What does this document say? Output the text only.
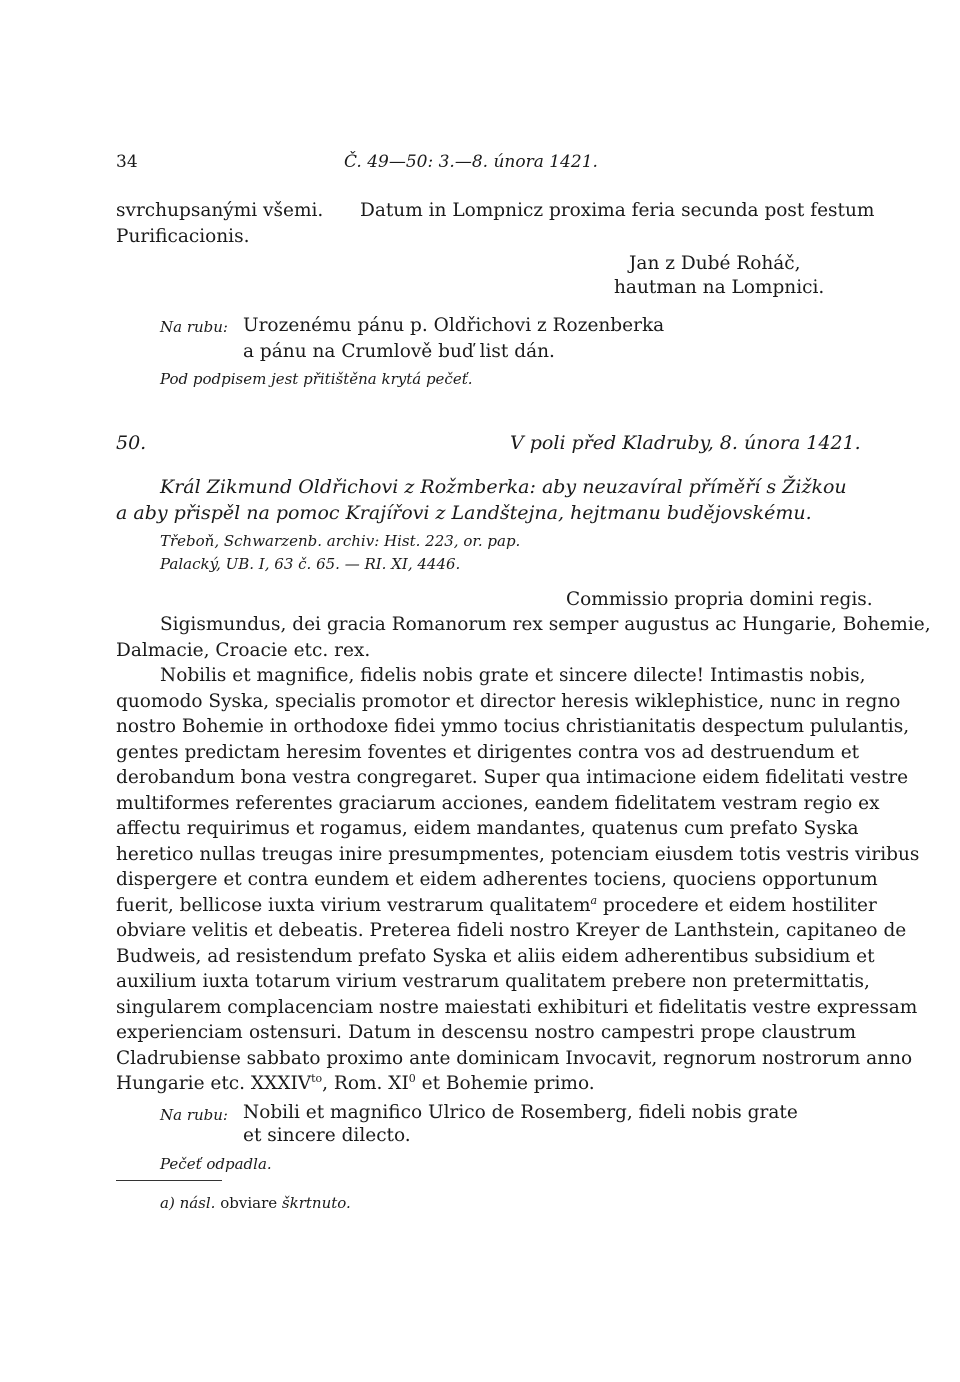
34	Č. 49—50: 3.—8. února 1421.
svrchupsanými všemi. Datum in Lompnicz proxima feria secunda post festum
Purificacionis.
Jan z Dubé Roháč,
hautman na Lompnici.
Na rubu: Urozenému pánu p. Oldřichovi z Rozenberka
a pánu na Crumlově buď list dán.
Pod podpisem jest přitištěna krytá pečeť.
50.	V poli před Kladruby, 8. února 1421.
Král Zikmund Oldřichovi z Rožmberka: aby neuzavíral příměří s Žižkou
a aby přispěl na pomoc Krajířovi z Landštejna, hejtmanu budějovskému.
Třeboň, Schwarzenb. archiv: Hist. 223, or. pap.
Palacký, UB. I, 63 č. 65. — RI. XI, 4446.
Commissio propria domini regis.
Sigismundus, dei gracia Romanorum rex semper augustus ac Hungarie, Bohemie,
Dalmacie, Croacie etc. rex.
Nobilis et magnifice, fidelis nobis grate et sincere dilecte! Intimastis nobis,
quomodo Syska, specialis promotor et director heresis wiklephistice, nunc in regno
nostro Bohemie in orthodoxe fidei ymmo tocius christianitatis despectum pululantis,
gentes predictam heresim foventes et dirigentes contra vos ad destruendum et
derobandum bona vestra congregaret. Super qua intimacione eidem fidelitati vestre
multiformes referentes graciarum acciones, eandem fidelitatem vestram regio ex
affectu requirimus et rogamus, eidem mandantes, quatenus cum prefato Syska
heretico nullas treugas inire presumpmentes, potenciam eiusdem totis vestris viribus
dispergere et contra eundem et eidem adherentes tociens, quociens opportunum
fuerit, bellicose iuxta virium vestrarum qualitatem$^a$ procedere et eidem hostiliter
obviare velitis et debeatis. Preterea fideli nostro Kreyer de Lanthstein, capitaneo de
Budweis, ad resistendum prefato Syska et aliis eidem adherentibus subsidium et
auxilium iuxta totarum virium vestrarum qualitatem prebere non pretermittatis,
singularem complacenciam nostre maiestati exhibituri et fidelitatis vestre expressam
experienciam ostensuri. Datum in descensu nostro campestri prope claustrum
Cladrubiense sabbato proximo ante dominicam Invocavit, regnorum nostrorum anno
Hungarie etc. $XXXIV^{to}$, Rom. $XI^0$ et Bohemie primo.
Na rubu: Nobili et magnifico Ulrico de Rosemberg, fideli nobis grate
et sincere dilecto.
Pečeť odpadla.
a) násl. obviare škrtnuto.
